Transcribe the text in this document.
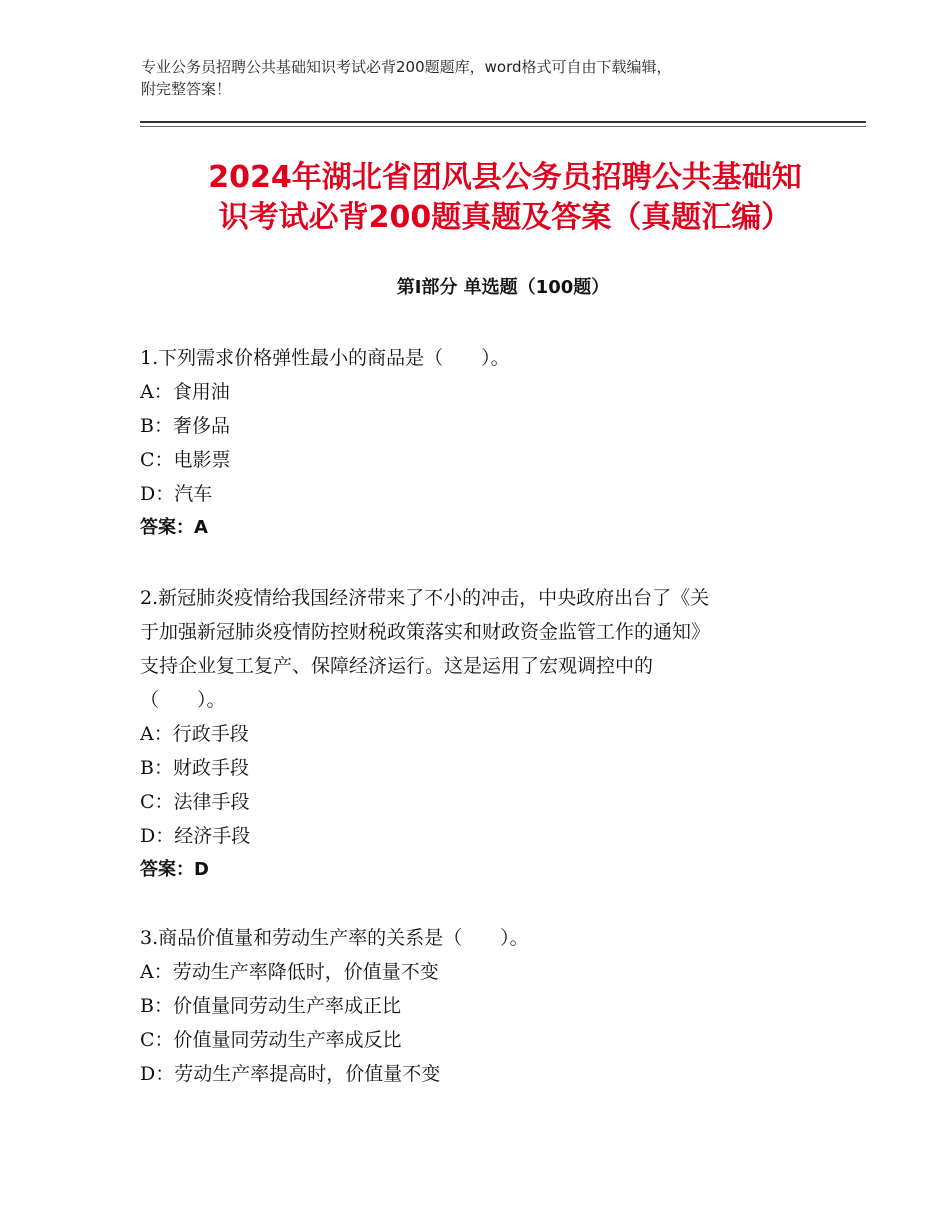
专业公务员招聘公共基础知识考试必背200题题库，word格式可自由下载编辑，
附完整答案！
2024年湖北省团风县公务员招聘公共基础知
识考试必背200题真题及答案（真题汇编）
第Ⅰ部分 单选题（100题）
1.下列需求价格弹性最小的商品是（　　）。
A：食用油
B：奢侈品
C：电影票
D：汽车
答案：A
2.新冠肺炎疫情给我国经济带来了不小的冲击，中央政府出台了《关
于加强新冠肺炎疫情防控财税政策落实和财政资金监管工作的通知》
支持企业复工复产、保障经济运行。这是运用了宏观调控中的
（　　）。
A：行政手段
B：财政手段
C：法律手段
D：经济手段
答案：D
3.商品价值量和劳动生产率的关系是（　　）。
A：劳动生产率降低时，价值量不变
B：价值量同劳动生产率成正比
C：价值量同劳动生产率成反比
D：劳动生产率提高时，价值量不变
